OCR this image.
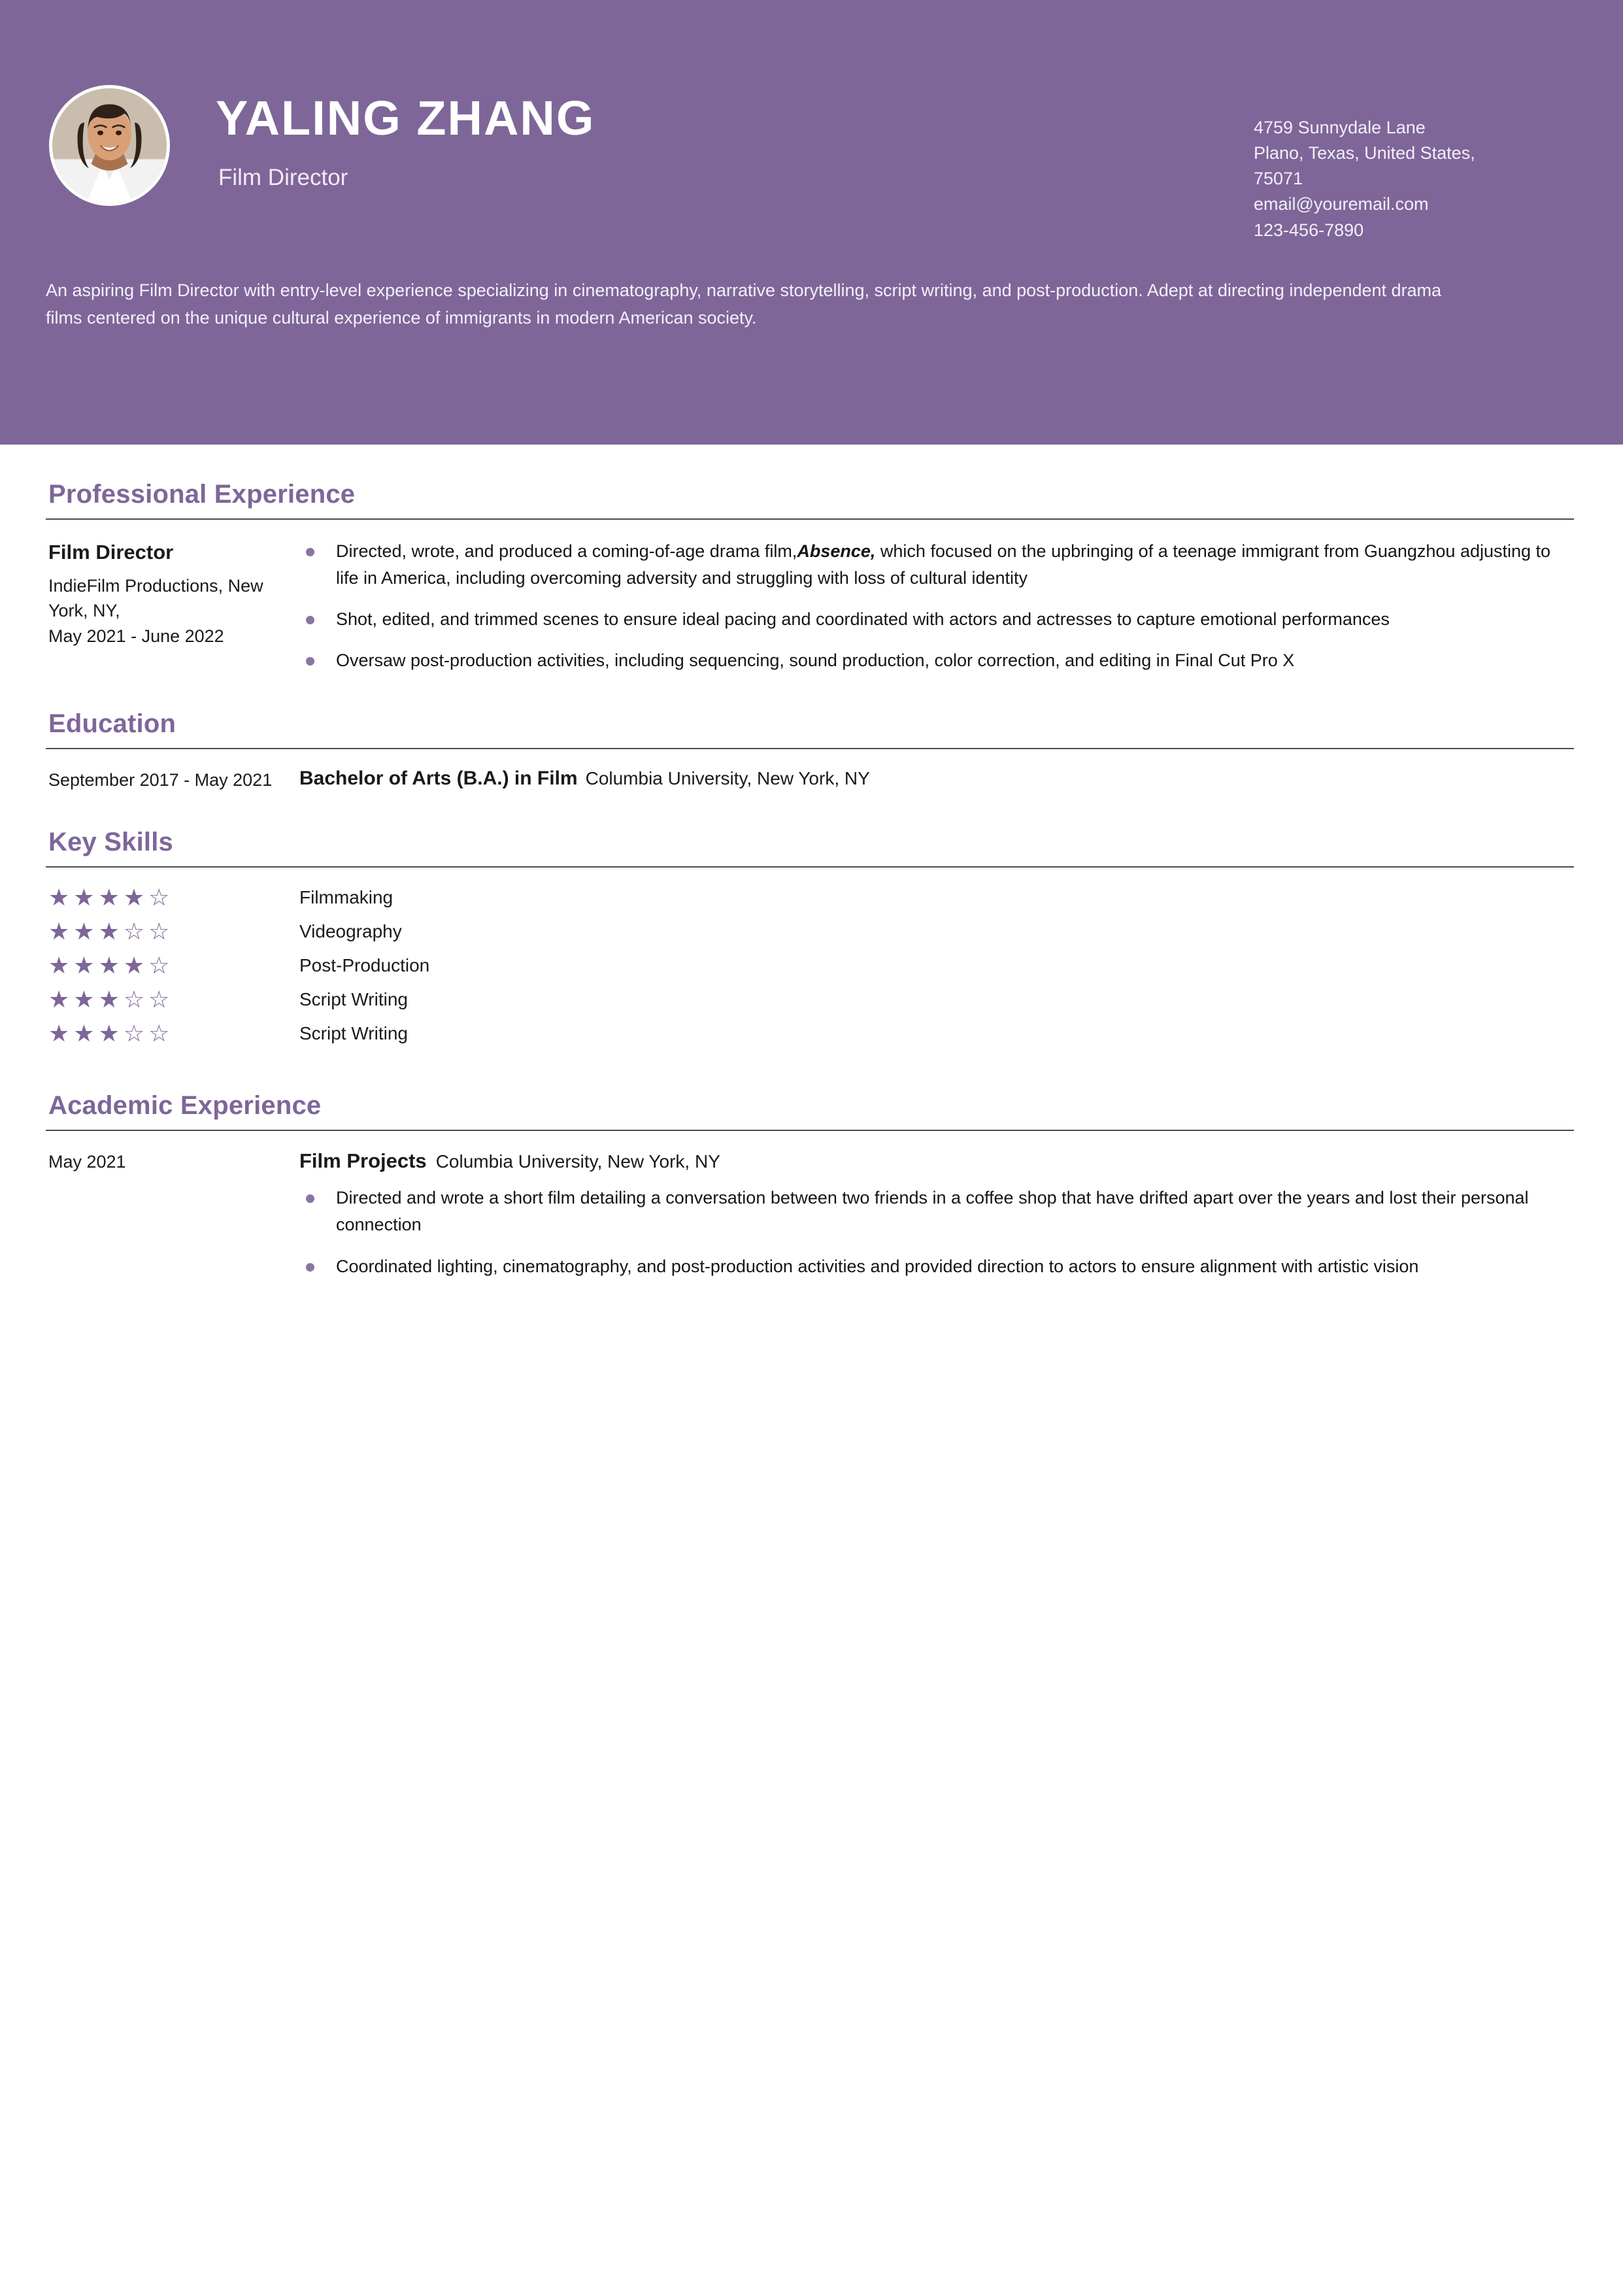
YALING ZHANG
Film Director
4759 Sunnydale Lane
Plano, Texas, United States,
75071
email@youremail.com
123-456-7890
An aspiring Film Director with entry-level experience specializing in cinematography, narrative storytelling, script writing, and post-production. Adept at directing independent drama films centered on the unique cultural experience of immigrants in modern American society.
Professional Experience
Film Director
IndieFilm Productions, New York, NY,
May 2021 - June 2022
Directed, wrote, and produced a coming-of-age drama film,Absence, which focused on the upbringing of a teenage immigrant from Guangzhou adjusting to life in America, including overcoming adversity and struggling with loss of cultural identity
Shot, edited, and trimmed scenes to ensure ideal pacing and coordinated with actors and actresses to capture emotional performances
Oversaw post-production activities, including sequencing, sound production, color correction, and editing in Final Cut Pro X
Education
September 2017 - May 2021	Bachelor of Arts (B.A.) in Film Columbia University, New York, NY
Key Skills
★ ★ ★ ★ ☆	Filmmaking
★ ★ ★ ☆ ☆	Videography
★ ★ ★ ★ ☆	Post-Production
★ ★ ★ ☆ ☆	Script Writing
★ ★ ★ ☆ ☆	Script Writing
Academic Experience
May 2021	Film Projects Columbia University, New York, NY
Directed and wrote a short film detailing a conversation between two friends in a coffee shop that have drifted apart over the years and lost their personal connection
Coordinated lighting, cinematography, and post-production activities and provided direction to actors to ensure alignment with artistic vision
